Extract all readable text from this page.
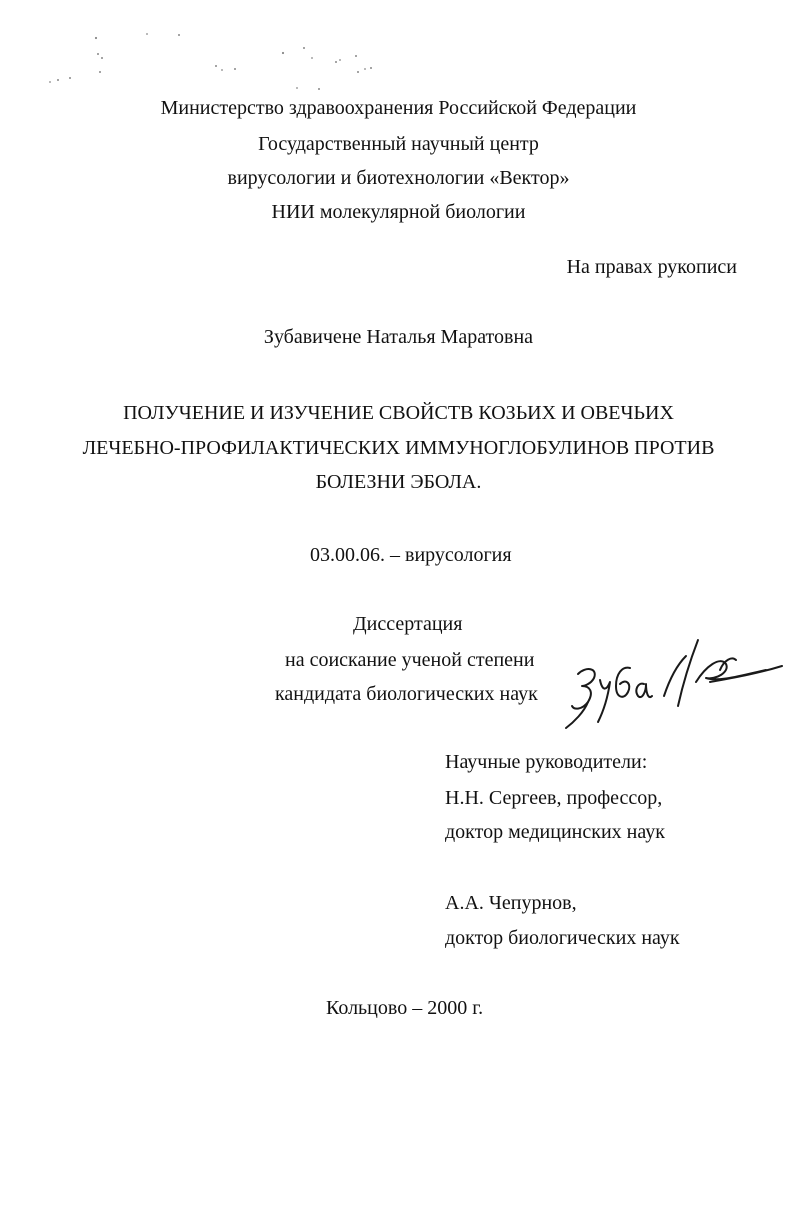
Министерство здравоохранения Российской Федерации
Государственный научный центр
вирусологии и биотехнологии «Вектор»
НИИ молекулярной биологии
На правах рукописи
Зубавичене Наталья Маратовна
ПОЛУЧЕНИЕ И ИЗУЧЕНИЕ СВОЙСТВ КОЗЬИХ И ОВЕЧЬИХ
ЛЕЧЕБНО-ПРОФИЛАКТИЧЕСКИХ ИММУНОГЛОБУЛИНОВ ПРОТИВ
БОЛЕЗНИ ЭБОЛА.
03.00.06. – вирусология
Диссертация
на соискание ученой степени
кандидата биологических наук
Научные руководители:
Н.Н. Сергеев, профессор,
доктор медицинских наук
А.А. Чепурнов,
доктор биологических наук
Кольцово – 2000 г.
